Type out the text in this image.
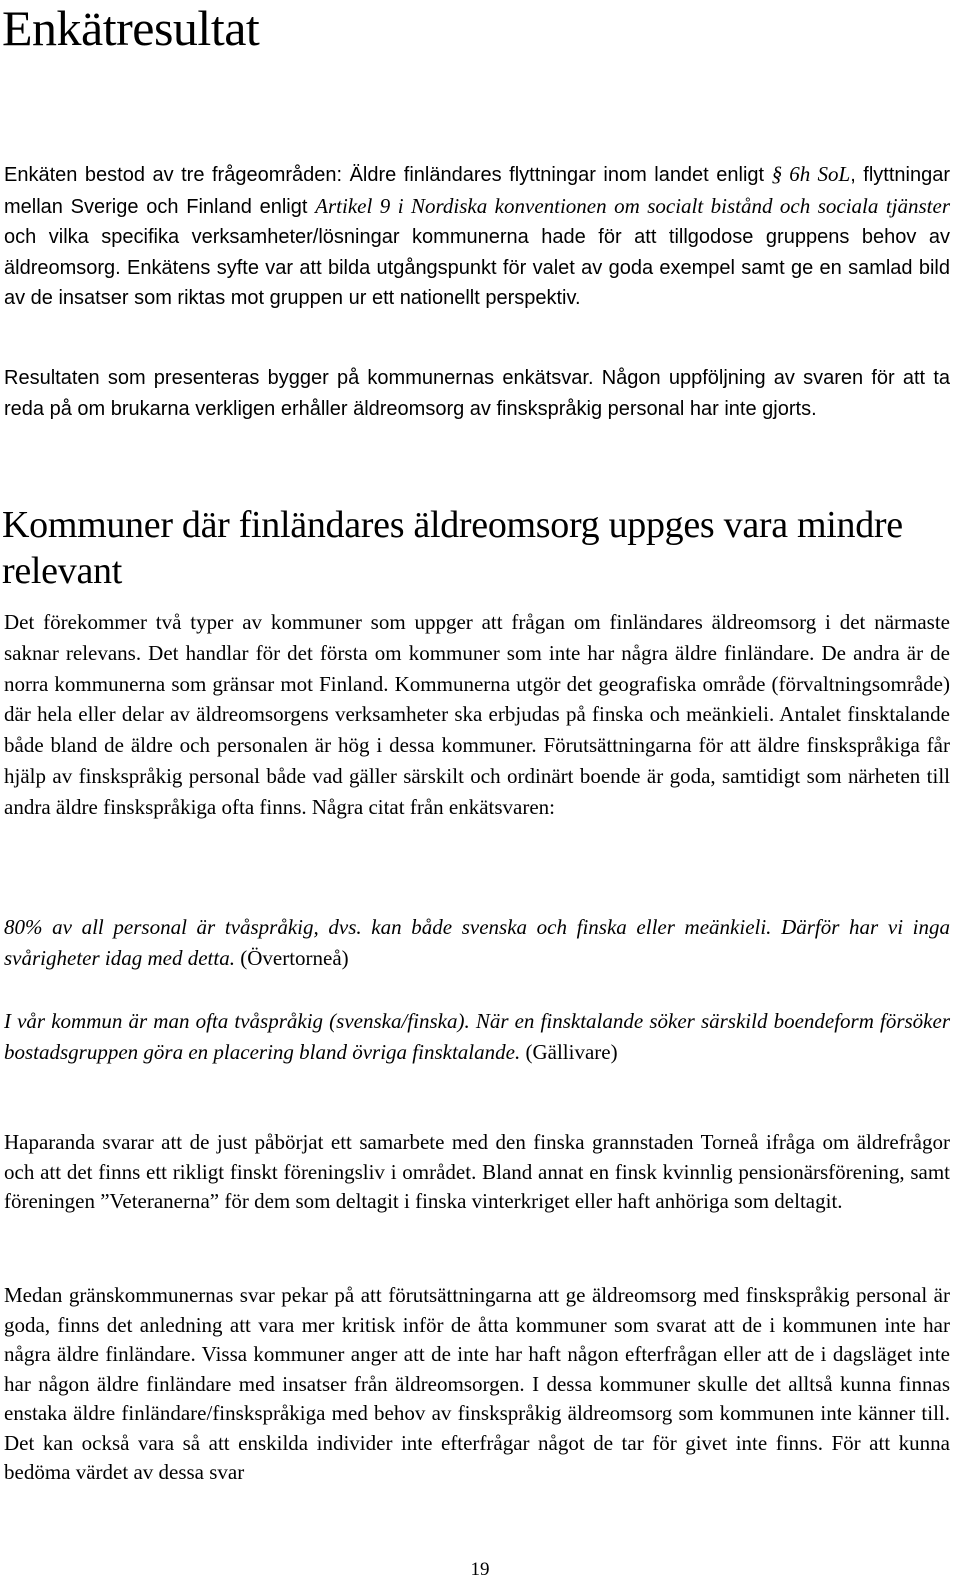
Enkätresultat

Enkäten bestod av tre frågeområden: Äldre finländares flyttningar inom landet enligt § 6h SoL, flyttningar mellan Sverige och Finland enligt Artikel 9 i Nordiska konventionen om socialt bistånd och sociala tjänster och vilka specifika verksamheter/lösningar kommunerna hade för att tillgodose gruppens behov av äldreomsorg. Enkätens syfte var att bilda utgångspunkt för valet av goda exempel samt ge en samlad bild av de insatser som riktas mot gruppen ur ett nationellt perspektiv.

Resultaten som presenteras bygger på kommunernas enkätsvar. Någon uppföljning av svaren för att ta reda på om brukarna verkligen erhåller äldreomsorg av finskspråkig personal har inte gjorts.

Kommuner där finländares äldreomsorg uppges vara mindre relevant

Det förekommer två typer av kommuner som uppger att frågan om finländares äldreomsorg i det närmaste saknar relevans. Det handlar för det första om kommuner som inte har några äldre finländare. De andra är de norra kommunerna som gränsar mot Finland. Kommunerna utgör det geografiska område (förvaltningsområde) där hela eller delar av äldreomsorgens verksamheter ska erbjudas på finska och meänkieli. Antalet finsktalande både bland de äldre och personalen är hög i dessa kommuner. Förutsättningarna för att äldre finskspråkiga får hjälp av finskspråkig personal både vad gäller särskilt och ordinärt boende är goda, samtidigt som närheten till andra äldre finskspråkiga ofta finns. Några citat från enkätsvaren:

80% av all personal är tvåspråkig, dvs. kan både svenska och finska eller meänkieli. Därför har vi inga svårigheter idag med detta. (Övertorneå)

I vår kommun är man ofta tvåspråkig (svenska/finska). När en finsktalande söker särskild boendeform försöker bostadsgruppen göra en placering bland övriga finsktalande. (Gällivare)

Haparanda svarar att de just påbörjat ett samarbete med den finska grannstaden Torneå ifråga om äldrefrågor och att det finns ett rikligt finskt föreningsliv i området. Bland annat en finsk kvinnlig pensionärsförening, samt föreningen ”Veteranerna” för dem som deltagit i finska vinterkriget eller haft anhöriga som deltagit.

Medan gränskommunernas svar pekar på att förutsättningarna att ge äldreomsorg med finskspråkig personal är goda, finns det anledning att vara mer kritisk inför de åtta kommuner som svarat att de i kommunen inte har några äldre finländare. Vissa kommuner anger att de inte har haft någon efterfrågan eller att de i dagsläget inte har någon äldre finländare med insatser från äldreomsorgen. I dessa kommuner skulle det alltså kunna finnas enstaka äldre finländare/finskspråkiga med behov av finskspråkig äldreomsorg som kommunen inte känner till. Det kan också vara så att enskilda individer inte efterfrågar något de tar för givet inte finns. För att kunna bedöma värdet av dessa svar

19
